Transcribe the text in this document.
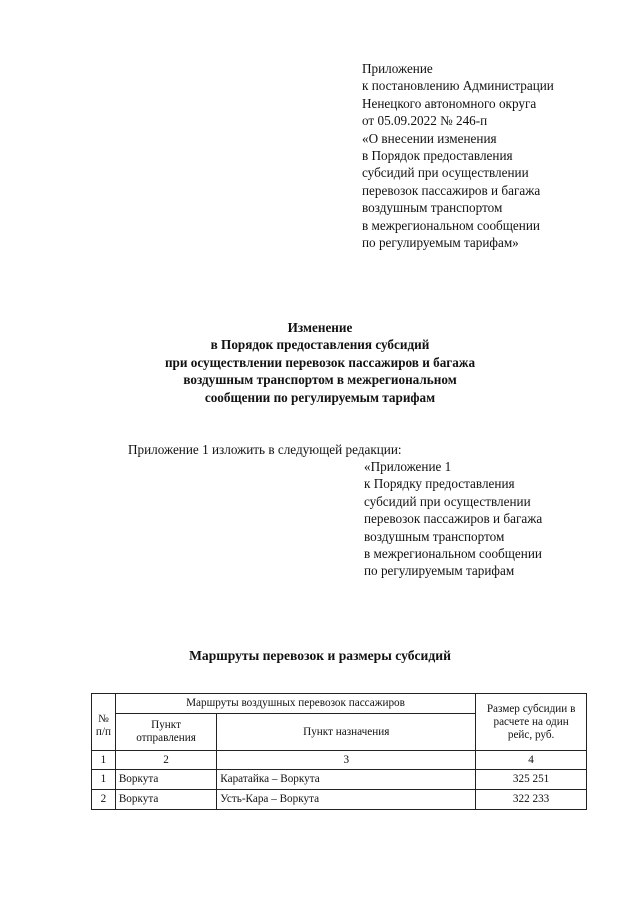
Приложение
к постановлению Администрации
Ненецкого автономного округа
от 05.09.2022 № 246-п
«О внесении изменения
в Порядок предоставления
субсидий при осуществлении
перевозок пассажиров и багажа
воздушным транспортом
в межрегиональном сообщении
по регулируемым тарифам»
Изменение
в Порядок предоставления субсидий
при осуществлении перевозок пассажиров и багажа
воздушным транспортом в межрегиональном
сообщении по регулируемым тарифам
Приложение 1 изложить в следующей редакции:
«Приложение 1
к Порядку предоставления
субсидий при осуществлении
перевозок пассажиров и багажа
воздушным транспортом
в межрегиональном сообщении
по регулируемым тарифам
Маршруты перевозок и размеры субсидий
№ п/п	Маршруты воздушных перевозок пассажиров		Размер субсидии в расчете на один рейс, руб.
	Пункт отправления	Пункт назначения	
1	2	3	4
1	Воркута	Каратайка – Воркута	325 251
2	Воркута	Усть-Кара – Воркута	322 233
